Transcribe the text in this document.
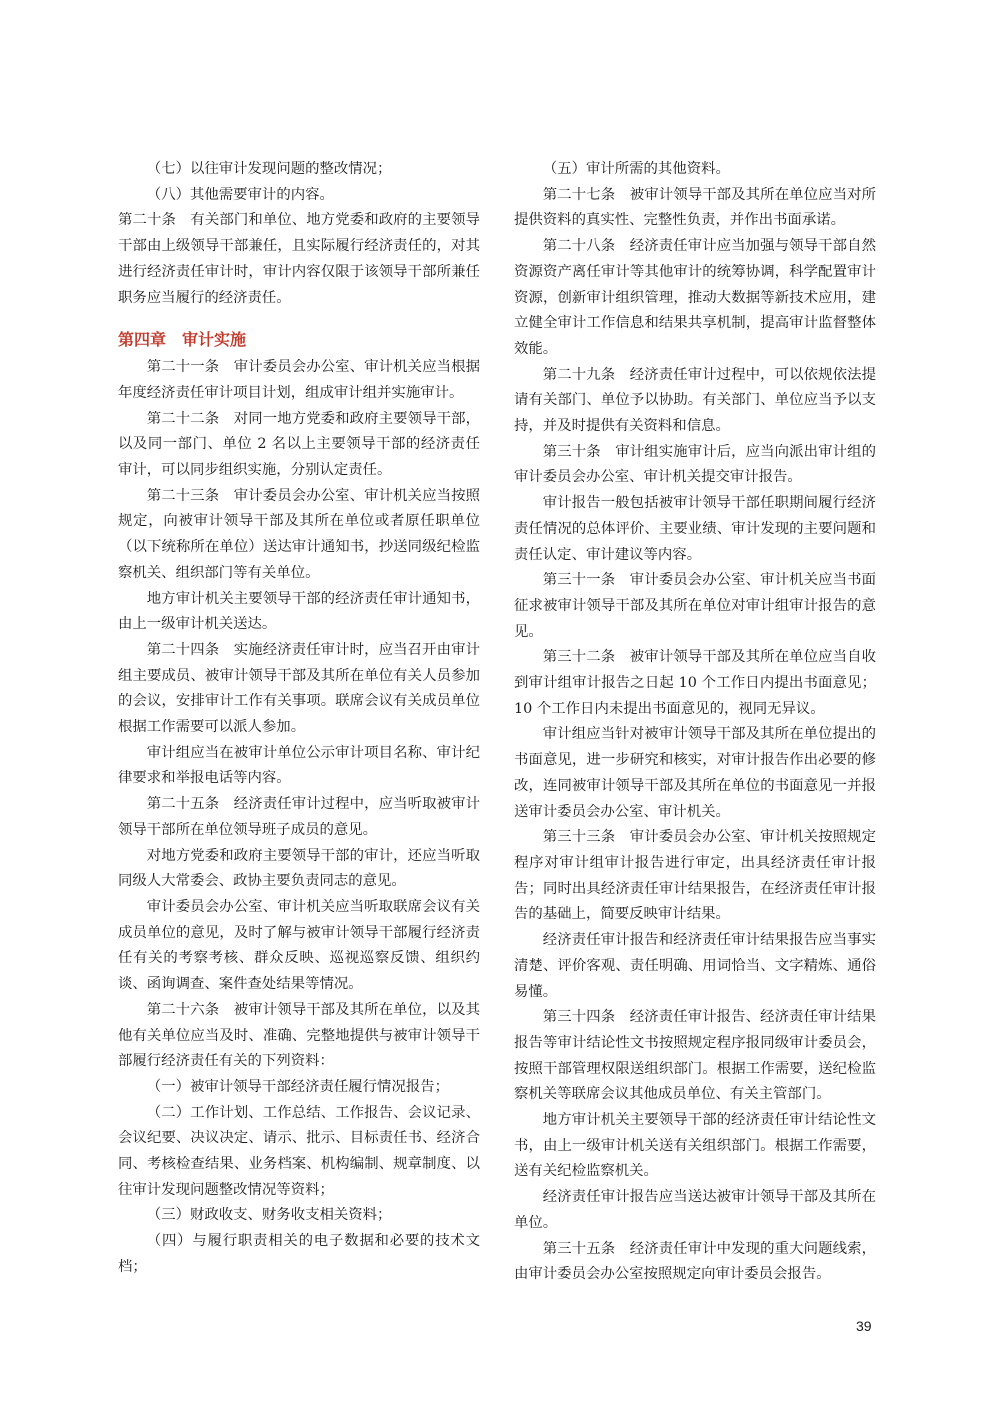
（七）以往审计发现问题的整改情况；

（八）其他需要审计的内容。

第二十条　有关部门和单位、地方党委和政府的主要领导干部由上级领导干部兼任，且实际履行经济责任的，对其进行经济责任审计时，审计内容仅限于该领导干部所兼任职务应当履行的经济责任。

第四章　审计实施

第二十一条　审计委员会办公室、审计机关应当根据年度经济责任审计项目计划，组成审计组并实施审计。

第二十二条　对同一地方党委和政府主要领导干部，以及同一部门、单位 2 名以上主要领导干部的经济责任审计，可以同步组织实施，分别认定责任。

第二十三条　审计委员会办公室、审计机关应当按照规定，向被审计领导干部及其所在单位或者原任职单位（以下统称所在单位）送达审计通知书，抄送同级纪检监察机关、组织部门等有关单位。

地方审计机关主要领导干部的经济责任审计通知书，由上一级审计机关送达。

第二十四条　实施经济责任审计时，应当召开由审计组主要成员、被审计领导干部及其所在单位有关人员参加的会议，安排审计工作有关事项。联席会议有关成员单位根据工作需要可以派人参加。

审计组应当在被审计单位公示审计项目名称、审计纪律要求和举报电话等内容。

第二十五条　经济责任审计过程中，应当听取被审计领导干部所在单位领导班子成员的意见。

对地方党委和政府主要领导干部的审计，还应当听取同级人大常委会、政协主要负责同志的意见。

审计委员会办公室、审计机关应当听取联席会议有关成员单位的意见，及时了解与被审计领导干部履行经济责任有关的考察考核、群众反映、巡视巡察反馈、组织约谈、函询调查、案件查处结果等情况。

第二十六条　被审计领导干部及其所在单位，以及其他有关单位应当及时、准确、完整地提供与被审计领导干部履行经济责任有关的下列资料：

（一）被审计领导干部经济责任履行情况报告；

（二）工作计划、工作总结、工作报告、会议记录、会议纪要、决议决定、请示、批示、目标责任书、经济合同、考核检查结果、业务档案、机构编制、规章制度、以往审计发现问题整改情况等资料；

（三）财政收支、财务收支相关资料；

（四）与履行职责相关的电子数据和必要的技术文档；

（五）审计所需的其他资料。

第二十七条　被审计领导干部及其所在单位应当对所提供资料的真实性、完整性负责，并作出书面承诺。

第二十八条　经济责任审计应当加强与领导干部自然资源资产离任审计等其他审计的统筹协调，科学配置审计资源，创新审计组织管理，推动大数据等新技术应用，建立健全审计工作信息和结果共享机制，提高审计监督整体效能。

第二十九条　经济责任审计过程中，可以依规依法提请有关部门、单位予以协助。有关部门、单位应当予以支持，并及时提供有关资料和信息。

第三十条　审计组实施审计后，应当向派出审计组的审计委员会办公室、审计机关提交审计报告。

审计报告一般包括被审计领导干部任职期间履行经济责任情况的总体评价、主要业绩、审计发现的主要问题和责任认定、审计建议等内容。

第三十一条　审计委员会办公室、审计机关应当书面征求被审计领导干部及其所在单位对审计组审计报告的意见。

第三十二条　被审计领导干部及其所在单位应当自收到审计组审计报告之日起 10 个工作日内提出书面意见；10 个工作日内未提出书面意见的，视同无异议。

审计组应当针对被审计领导干部及其所在单位提出的书面意见，进一步研究和核实，对审计报告作出必要的修改，连同被审计领导干部及其所在单位的书面意见一并报送审计委员会办公室、审计机关。

第三十三条　审计委员会办公室、审计机关按照规定程序对审计组审计报告进行审定，出具经济责任审计报告；同时出具经济责任审计结果报告，在经济责任审计报告的基础上，简要反映审计结果。

经济责任审计报告和经济责任审计结果报告应当事实清楚、评价客观、责任明确、用词恰当、文字精炼、通俗易懂。

第三十四条　经济责任审计报告、经济责任审计结果报告等审计结论性文书按照规定程序报同级审计委员会，按照干部管理权限送组织部门。根据工作需要，送纪检监察机关等联席会议其他成员单位、有关主管部门。

地方审计机关主要领导干部的经济责任审计结论性文书，由上一级审计机关送有关组织部门。根据工作需要，送有关纪检监察机关。

经济责任审计报告应当送达被审计领导干部及其所在单位。

第三十五条　经济责任审计中发现的重大问题线索，由审计委员会办公室按照规定向审计委员会报告。

39
